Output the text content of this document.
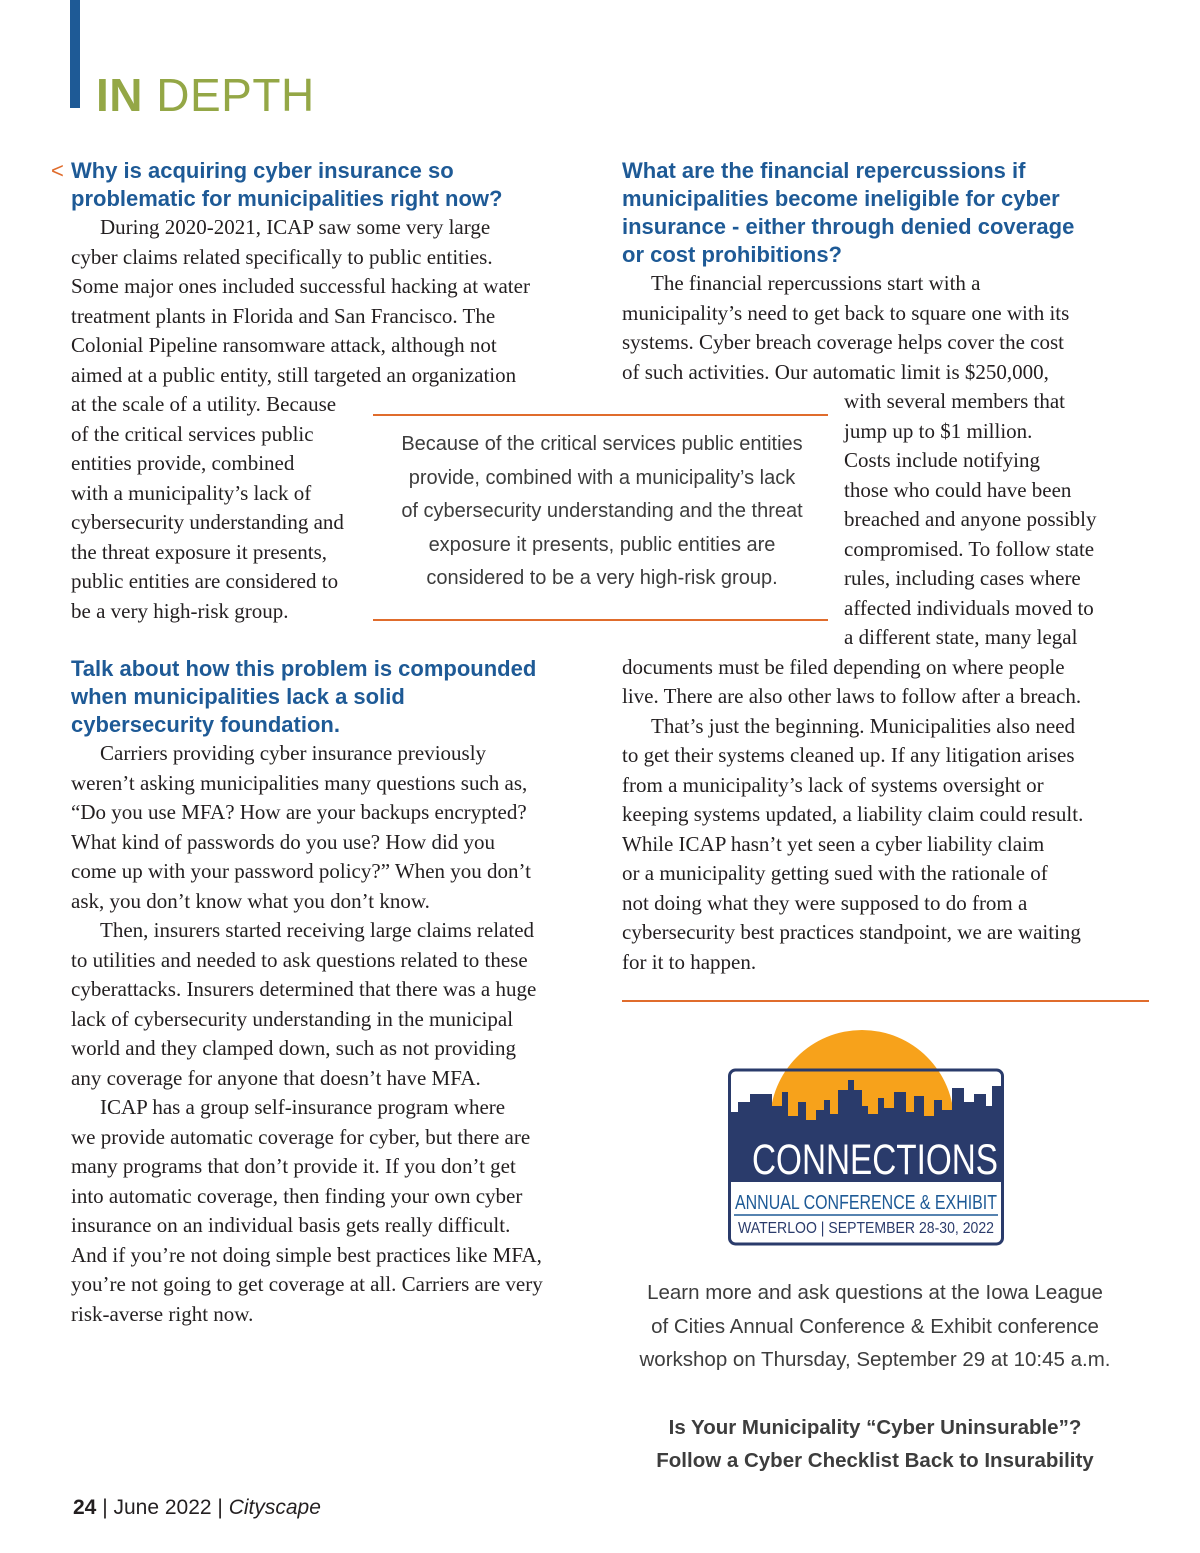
IN DEPTH
< Why is acquiring cyber insurance so
problematic for municipalities right now?

During 2020-2021, ICAP saw some very large
cyber claims related specifically to public entities.
Some major ones included successful hacking at water
treatment plants in Florida and San Francisco. The
Colonial Pipeline ransomware attack, although not
aimed at a public entity, still targeted an organization
at the scale of a utility. Because
of the critical services public
entities provide, combined
with a municipality’s lack of
cybersecurity understanding and
the threat exposure it presents,
public entities are considered to
be a very high-risk group.

Because of the critical services public entities
provide, combined with a municipality’s lack
of cybersecurity understanding and the threat
exposure it presents, public entities are
considered to be a very high-risk group.
Talk about how this problem is compounded
when municipalities lack a solid
cybersecurity foundation.

Carriers providing cyber insurance previously
weren’t asking municipalities many questions such as,
“Do you use MFA? How are your backups encrypted?
What kind of passwords do you use? How did you
come up with your password policy?” When you don’t
ask, you don’t know what you don’t know.

Then, insurers started receiving large claims related
to utilities and needed to ask questions related to these
cyberattacks. Insurers determined that there was a huge
lack of cybersecurity understanding in the municipal
world and they clamped down, such as not providing
any coverage for anyone that doesn’t have MFA.

ICAP has a group self-insurance program where
we provide automatic coverage for cyber, but there are
many programs that don’t provide it. If you don’t get
into automatic coverage, then finding your own cyber
insurance on an individual basis gets really difficult.
And if you’re not doing simple best practices like MFA,
you’re not going to get coverage at all. Carriers are very
risk-averse right now.

What are the financial repercussions if
municipalities become ineligible for cyber
insurance - either through denied coverage
or cost prohibitions?

The financial repercussions start with a
municipality’s need to get back to square one with its
systems. Cyber breach coverage helps cover the cost
of such activities. Our automatic limit is $250,000,

with several members that
jump up to $1 million.
Costs include notifying
those who could have been
breached and anyone possibly
compromised. To follow state
rules, including cases where
affected individuals moved to
a different state, many legal

documents must be filed depending on where people
live. There are also other laws to follow after a breach.

That’s just the beginning. Municipalities also need
to get their systems cleaned up. If any litigation arises
from a municipality’s lack of systems oversight or
keeping systems updated, a liability claim could result.
While ICAP hasn’t yet seen a cyber liability claim
or a municipality getting sued with the rationale of
not doing what they were supposed to do from a
cybersecurity best practices standpoint, we are waiting
for it to happen.

CONNECTIONS
ANNUAL CONFERENCE & EXHIBIT
WATERLOO | SEPTEMBER 28-30, 2022
Learn more and ask questions at the Iowa League
of Cities Annual Conference & Exhibit conference
workshop on Thursday, September 29 at 10:45 a.m.
Is Your Municipality “Cyber Uninsurable”?
Follow a Cyber Checklist Back to Insurability
24 | June 2022 | Cityscape
